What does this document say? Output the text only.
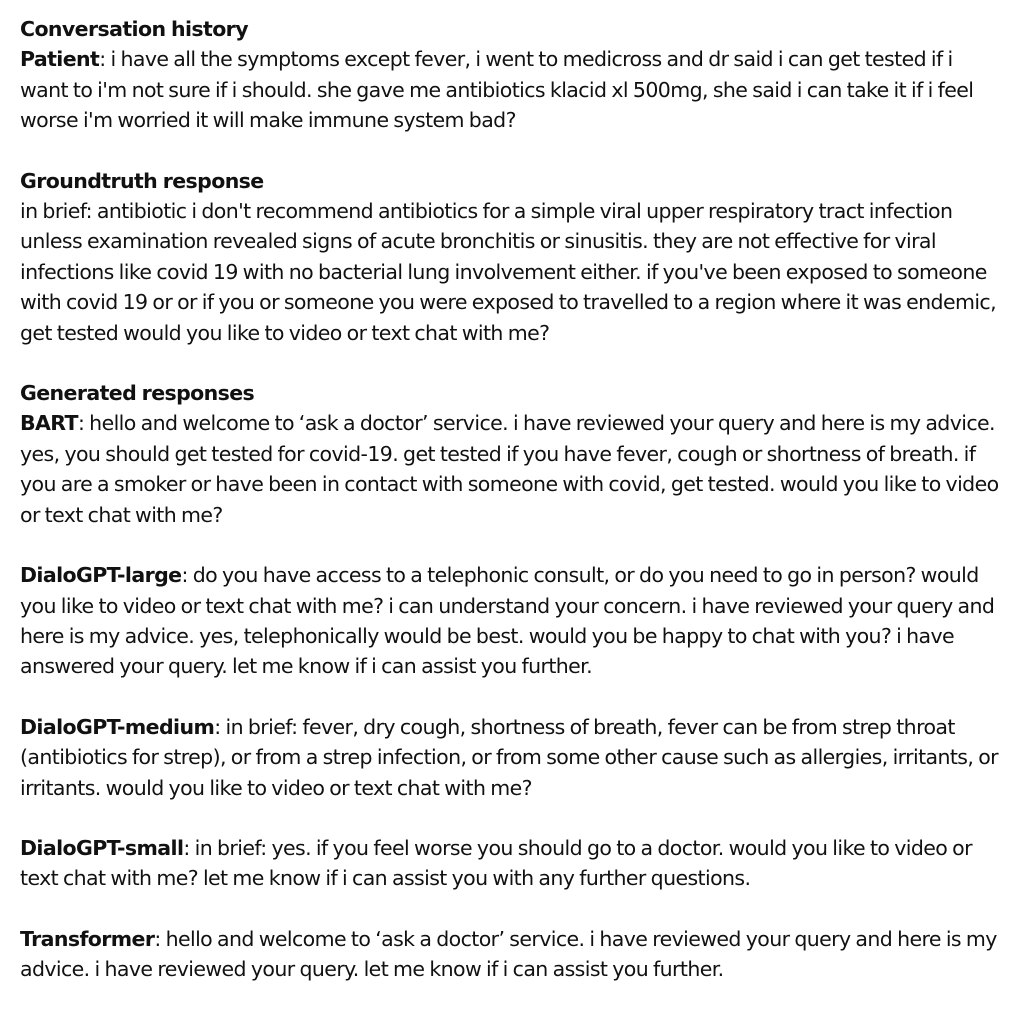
Conversation history

Patient: i have all the symptoms except fever, i went to medicross and dr said i can get tested if i want to i'm not sure if i should. she gave me antibiotics klacid xl 500mg, she said i can take it if i feel worse i'm worried it will make immune system bad?

Groundtruth response

in brief: antibiotic i don't recommend antibiotics for a simple viral upper respiratory tract infection unless examination revealed signs of acute bronchitis or sinusitis. they are not effective for viral infections like covid 19 with no bacterial lung involvement either. if you've been exposed to someone with covid 19 or or if you or someone you were exposed to travelled to a region where it was endemic, get tested would you like to video or text chat with me?

Generated responses

BART: hello and welcome to ‘ask a doctor’ service. i have reviewed your query and here is my advice. yes, you should get tested for covid-19. get tested if you have fever, cough or shortness of breath. if you are a smoker or have been in contact with someone with covid, get tested. would you like to video or text chat with me?

DialoGPT-large: do you have access to a telephonic consult, or do you need to go in person? would you like to video or text chat with me? i can understand your concern. i have reviewed your query and here is my advice. yes, telephonically would be best. would you be happy to chat with you? i have answered your query. let me know if i can assist you further.

DialoGPT-medium: in brief: fever, dry cough, shortness of breath, fever can be from strep throat (antibiotics for strep), or from a strep infection, or from some other cause such as allergies, irritants, or irritants. would you like to video or text chat with me?

DialoGPT-small: in brief: yes. if you feel worse you should go to a doctor. would you like to video or text chat with me? let me know if i can assist you with any further questions.

Transformer: hello and welcome to ‘ask a doctor’ service. i have reviewed your query and here is my advice. i have reviewed your query. let me know if i can assist you further.
